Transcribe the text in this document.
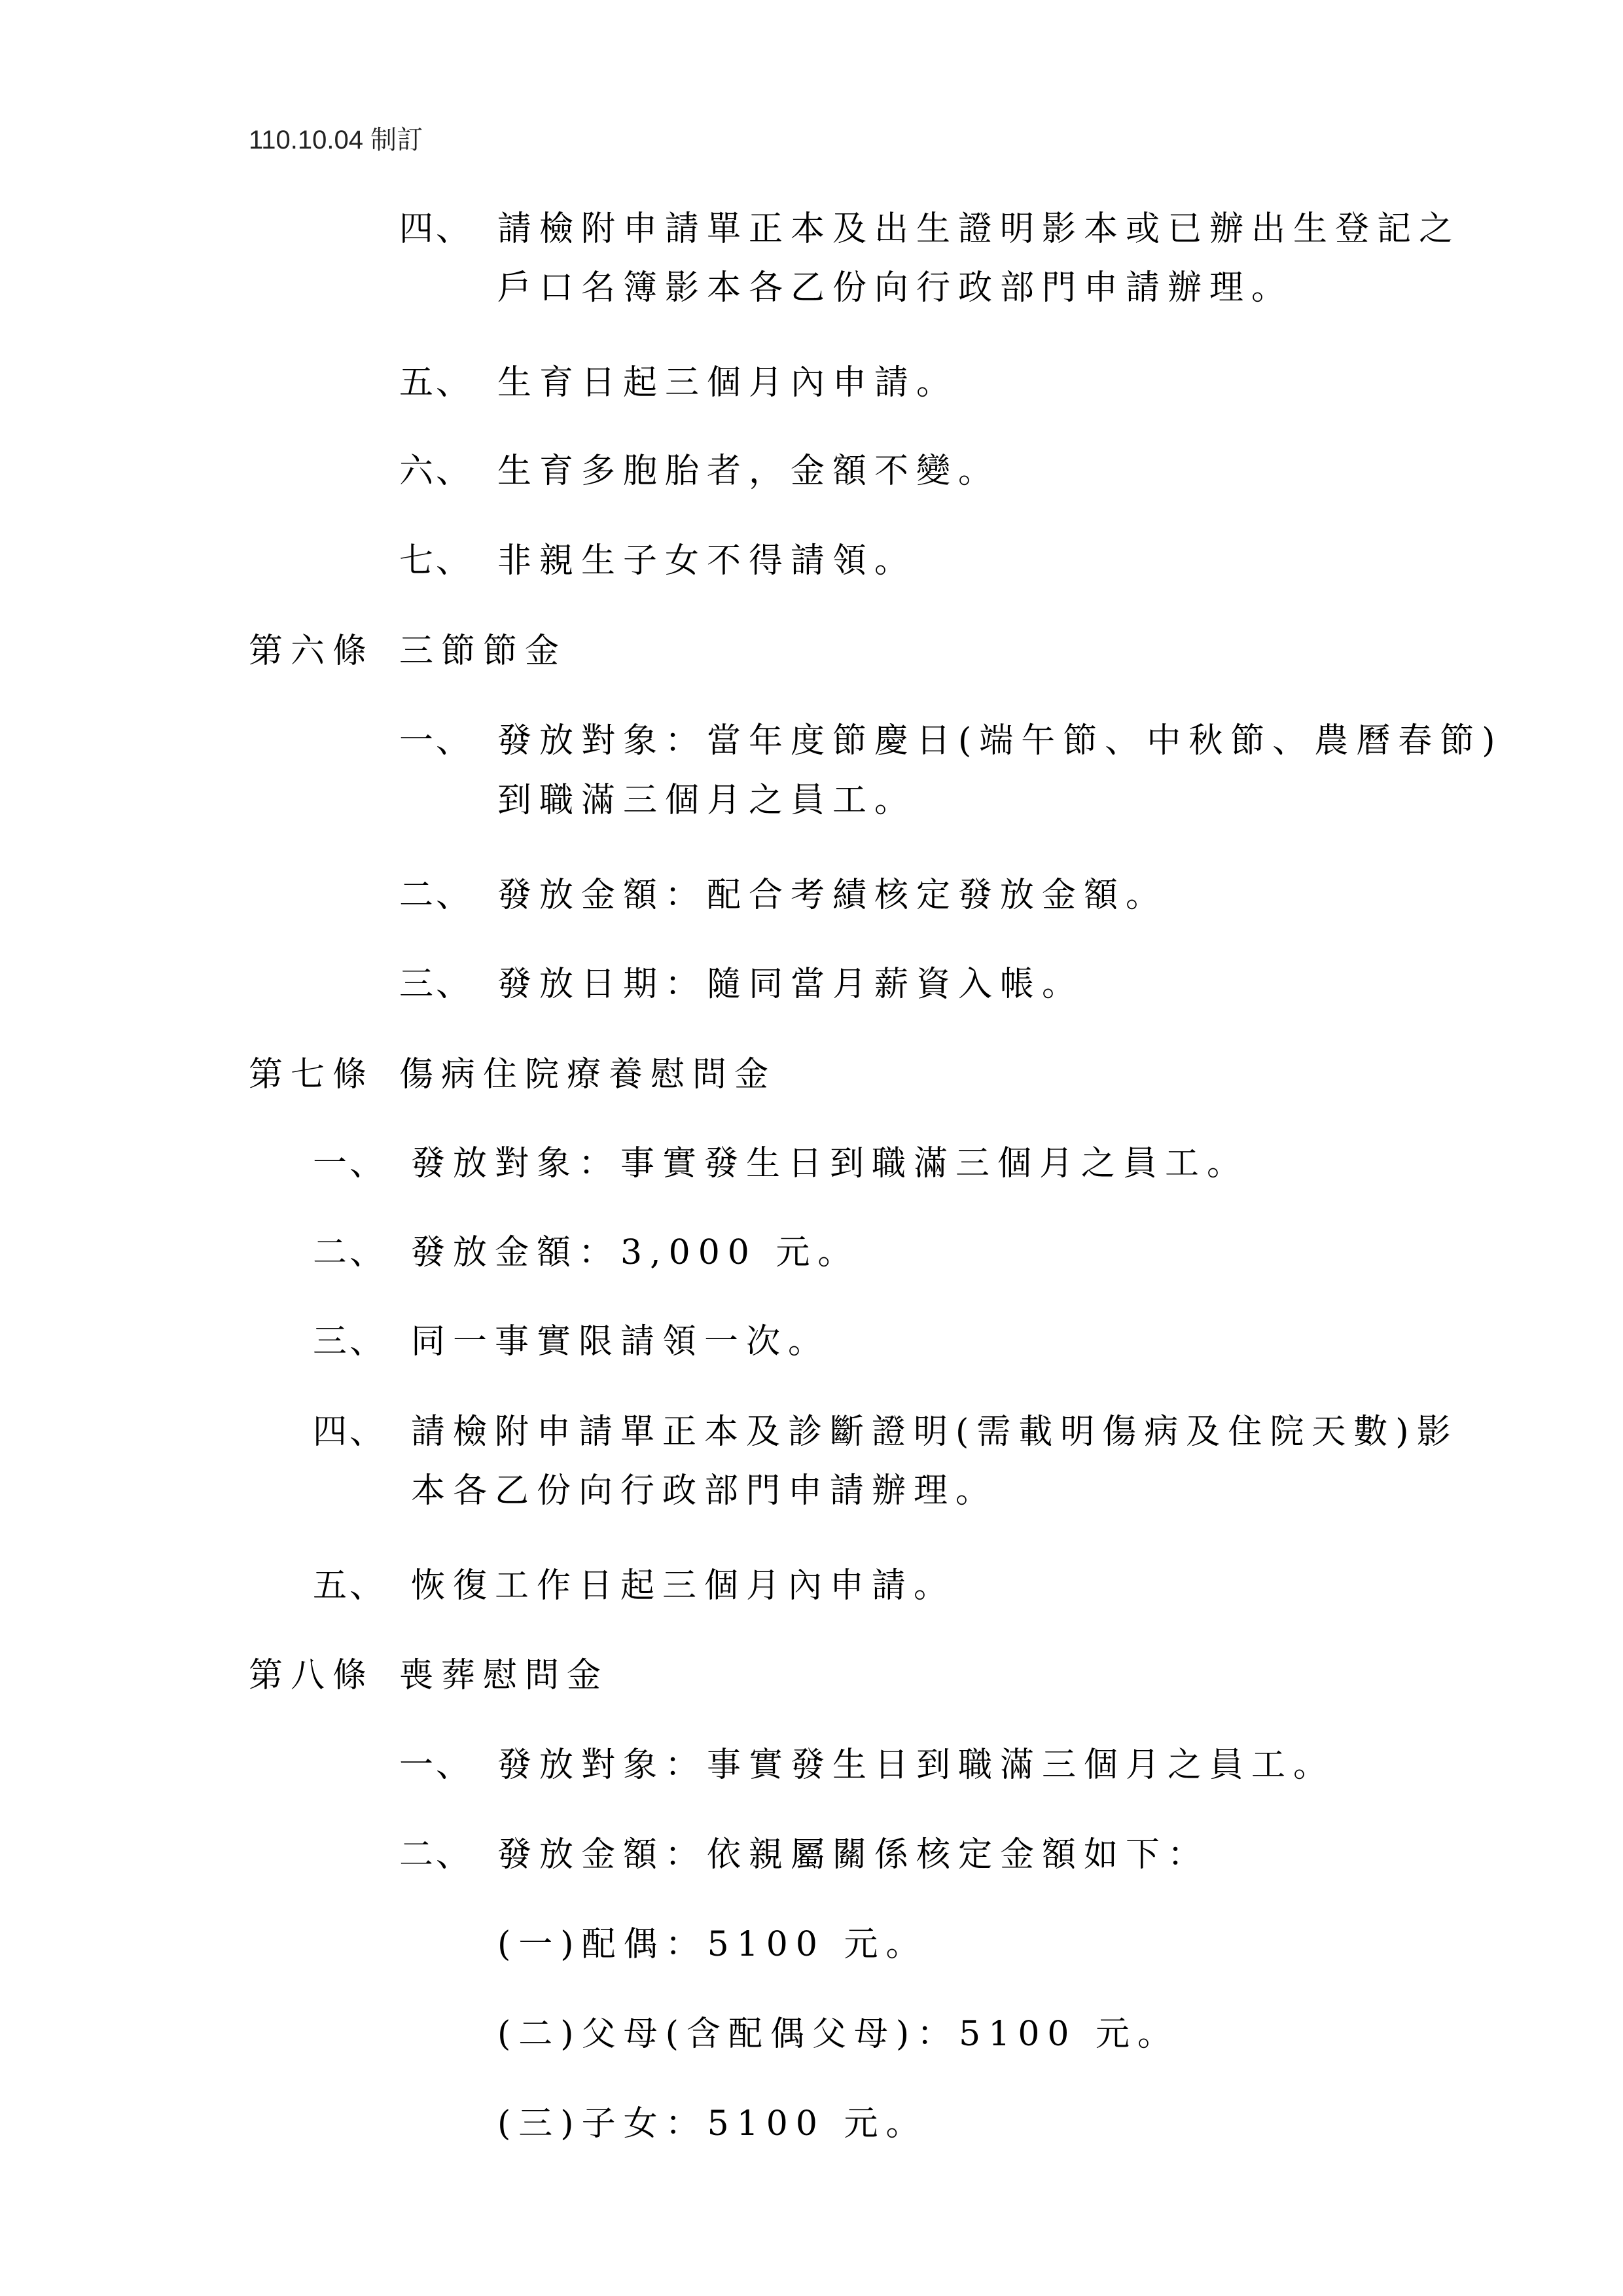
110.10.04 制訂
四、 請檢附申請單正本及出生證明影本或已辦出生登記之
戶口名簿影本各乙份向行政部門申請辦理。
五、 生育日起三個月內申請。
六、 生育多胞胎者，金額不變。
七、 非親生子女不得請領。
第六條 三節節金
一、 發放對象：當年度節慶日(端午節、中秋節、農曆春節)
到職滿三個月之員工。
二、 發放金額：配合考績核定發放金額。
三、 發放日期：隨同當月薪資入帳。
第七條 傷病住院療養慰問金
一、 發放對象：事實發生日到職滿三個月之員工。
二、 發放金額：3,000 元。
三、 同一事實限請領一次。
四、 請檢附申請單正本及診斷證明(需載明傷病及住院天數)影
本各乙份向行政部門申請辦理。
五、 恢復工作日起三個月內申請。
第八條 喪葬慰問金
一、 發放對象：事實發生日到職滿三個月之員工。
二、 發放金額：依親屬關係核定金額如下：
(一)配偶：5100 元。
(二)父母(含配偶父母)：5100 元。
(三)子女：5100 元。
